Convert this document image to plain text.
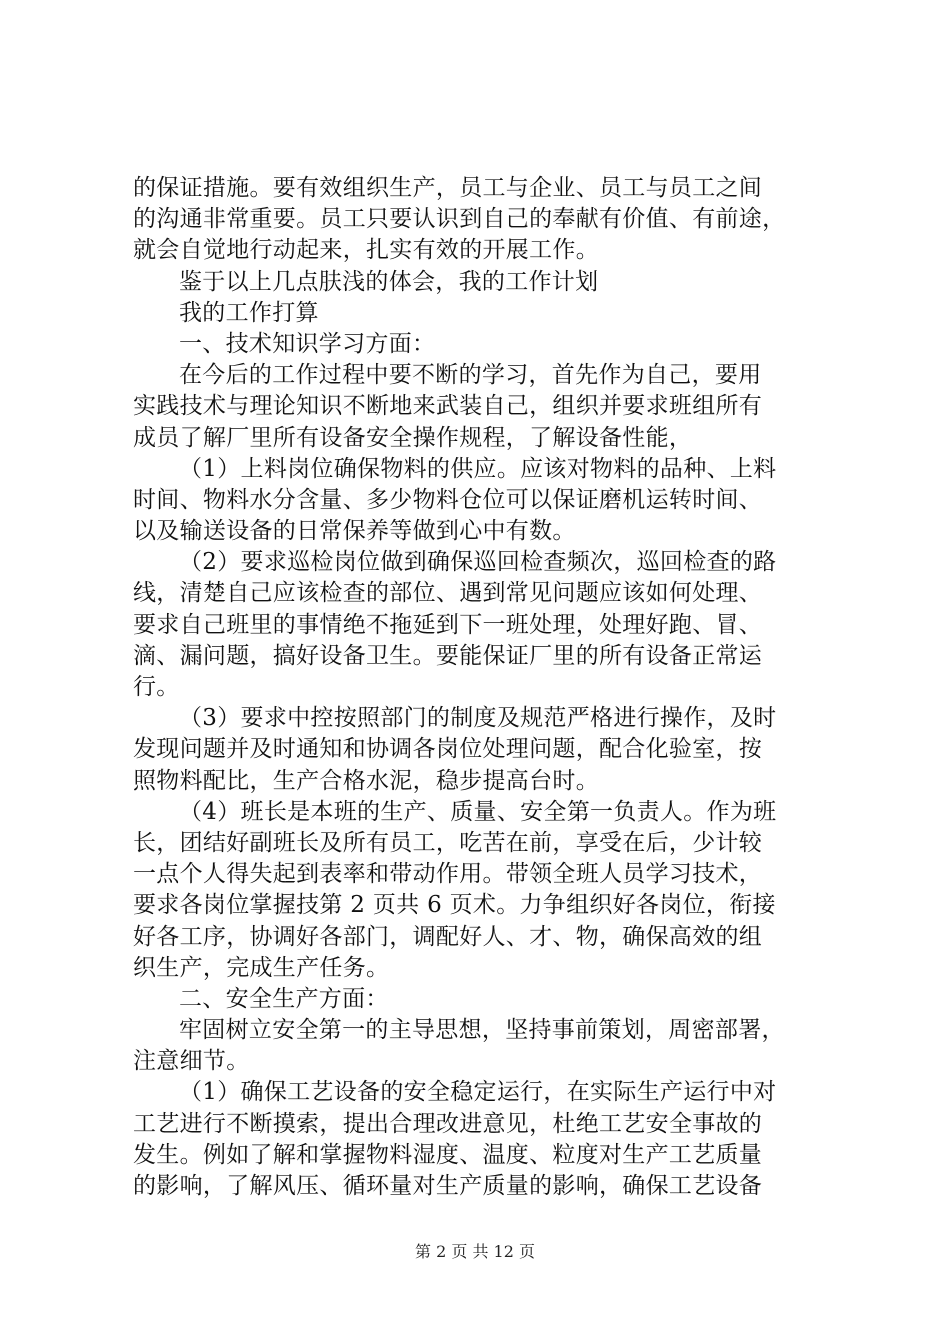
的保证措施。要有效组织生产，员工与企业、员工与员工之间
的沟通非常重要。员工只要认识到自己的奉献有价值、有前途，
就会自觉地行动起来，扎实有效的开展工作。
鉴于以上几点肤浅的体会，我的工作计划
我的工作打算
一、技术知识学习方面：
在今后的工作过程中要不断的学习，首先作为自己，要用
实践技术与理论知识不断地来武装自己，组织并要求班组所有
成员了解厂里所有设备安全操作规程，了解设备性能，
（1）上料岗位确保物料的供应。应该对物料的品种、上料
时间、物料水分含量、多少物料仓位可以保证磨机运转时间、
以及输送设备的日常保养等做到心中有数。
（2）要求巡检岗位做到确保巡回检查频次，巡回检查的路
线，清楚自己应该检查的部位、遇到常见问题应该如何处理、
要求自己班里的事情绝不拖延到下一班处理，处理好跑、冒、
滴、漏问题，搞好设备卫生。要能保证厂里的所有设备正常运
行。
（3）要求中控按照部门的制度及规范严格进行操作，及时
发现问题并及时通知和协调各岗位处理问题，配合化验室，按
照物料配比，生产合格水泥，稳步提高台时。
（4）班长是本班的生产、质量、安全第一负责人。作为班
长，团结好副班长及所有员工，吃苦在前，享受在后，少计较
一点个人得失起到表率和带动作用。带领全班人员学习技术，
要求各岗位掌握技第 2 页共 6 页术。力争组织好各岗位，衔接
好各工序，协调好各部门，调配好人、才、物，确保高效的组
织生产，完成生产任务。
二、安全生产方面：
牢固树立安全第一的主导思想，坚持事前策划，周密部署，
注意细节。
（1）确保工艺设备的安全稳定运行，在实际生产运行中对
工艺进行不断摸索，提出合理改进意见，杜绝工艺安全事故的
发生。例如了解和掌握物料湿度、温度、粒度对生产工艺质量
的影响，了解风压、循环量对生产质量的影响，确保工艺设备
第 2 页 共 12 页
